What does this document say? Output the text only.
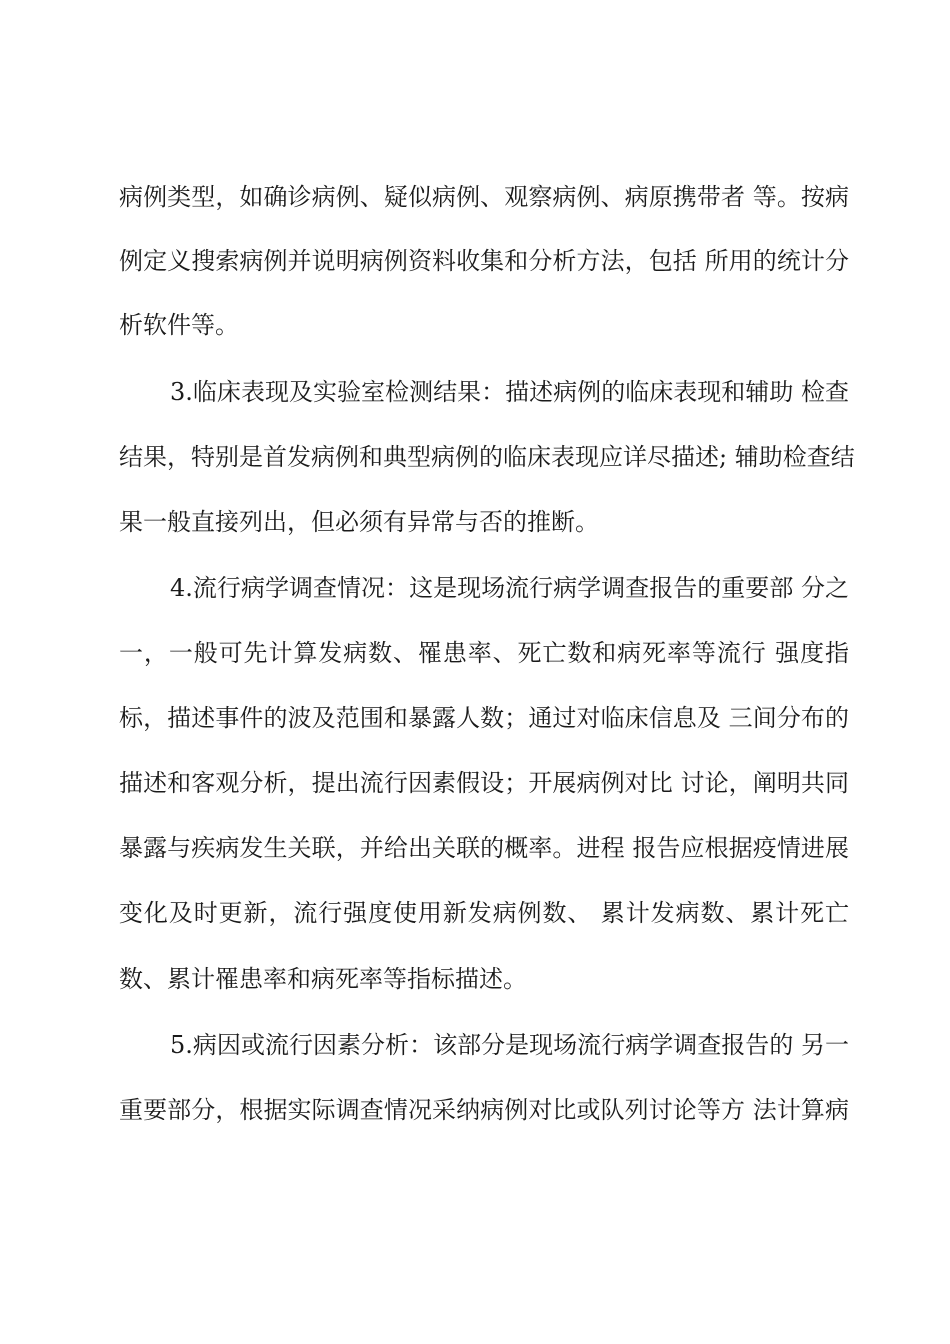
病例类型，如确诊病例、疑似病例、观察病例、病原携带者 等。按病
例定义搜索病例并说明病例资料收集和分析方法，包括 所用的统计分
析软件等。
3.临床表现及实验室检测结果：描述病例的临床表现和辅助 检查
结果，特别是首发病例和典型病例的临床表现应详尽描述; 辅助检查结
果一般直接列出，但必须有异常与否的推断。
4.流行病学调查情况：这是现场流行病学调查报告的重要部 分之
一，一般可先计算发病数、罹患率、死亡数和病死率等流行 强度指
标，描述事件的波及范围和暴露人数；通过对临床信息及 三间分布的
描述和客观分析，提出流行因素假设；开展病例对比 讨论，阐明共同
暴露与疾病发生关联，并给出关联的概率。进程 报告应根据疫情进展
变化及时更新，流行强度使用新发病例数、 累计发病数、累计死亡
数、累计罹患率和病死率等指标描述。
5.病因或流行因素分析：该部分是现场流行病学调查报告的 另一
重要部分，根据实际调查情况采纳病例对比或队列讨论等方 法计算病
